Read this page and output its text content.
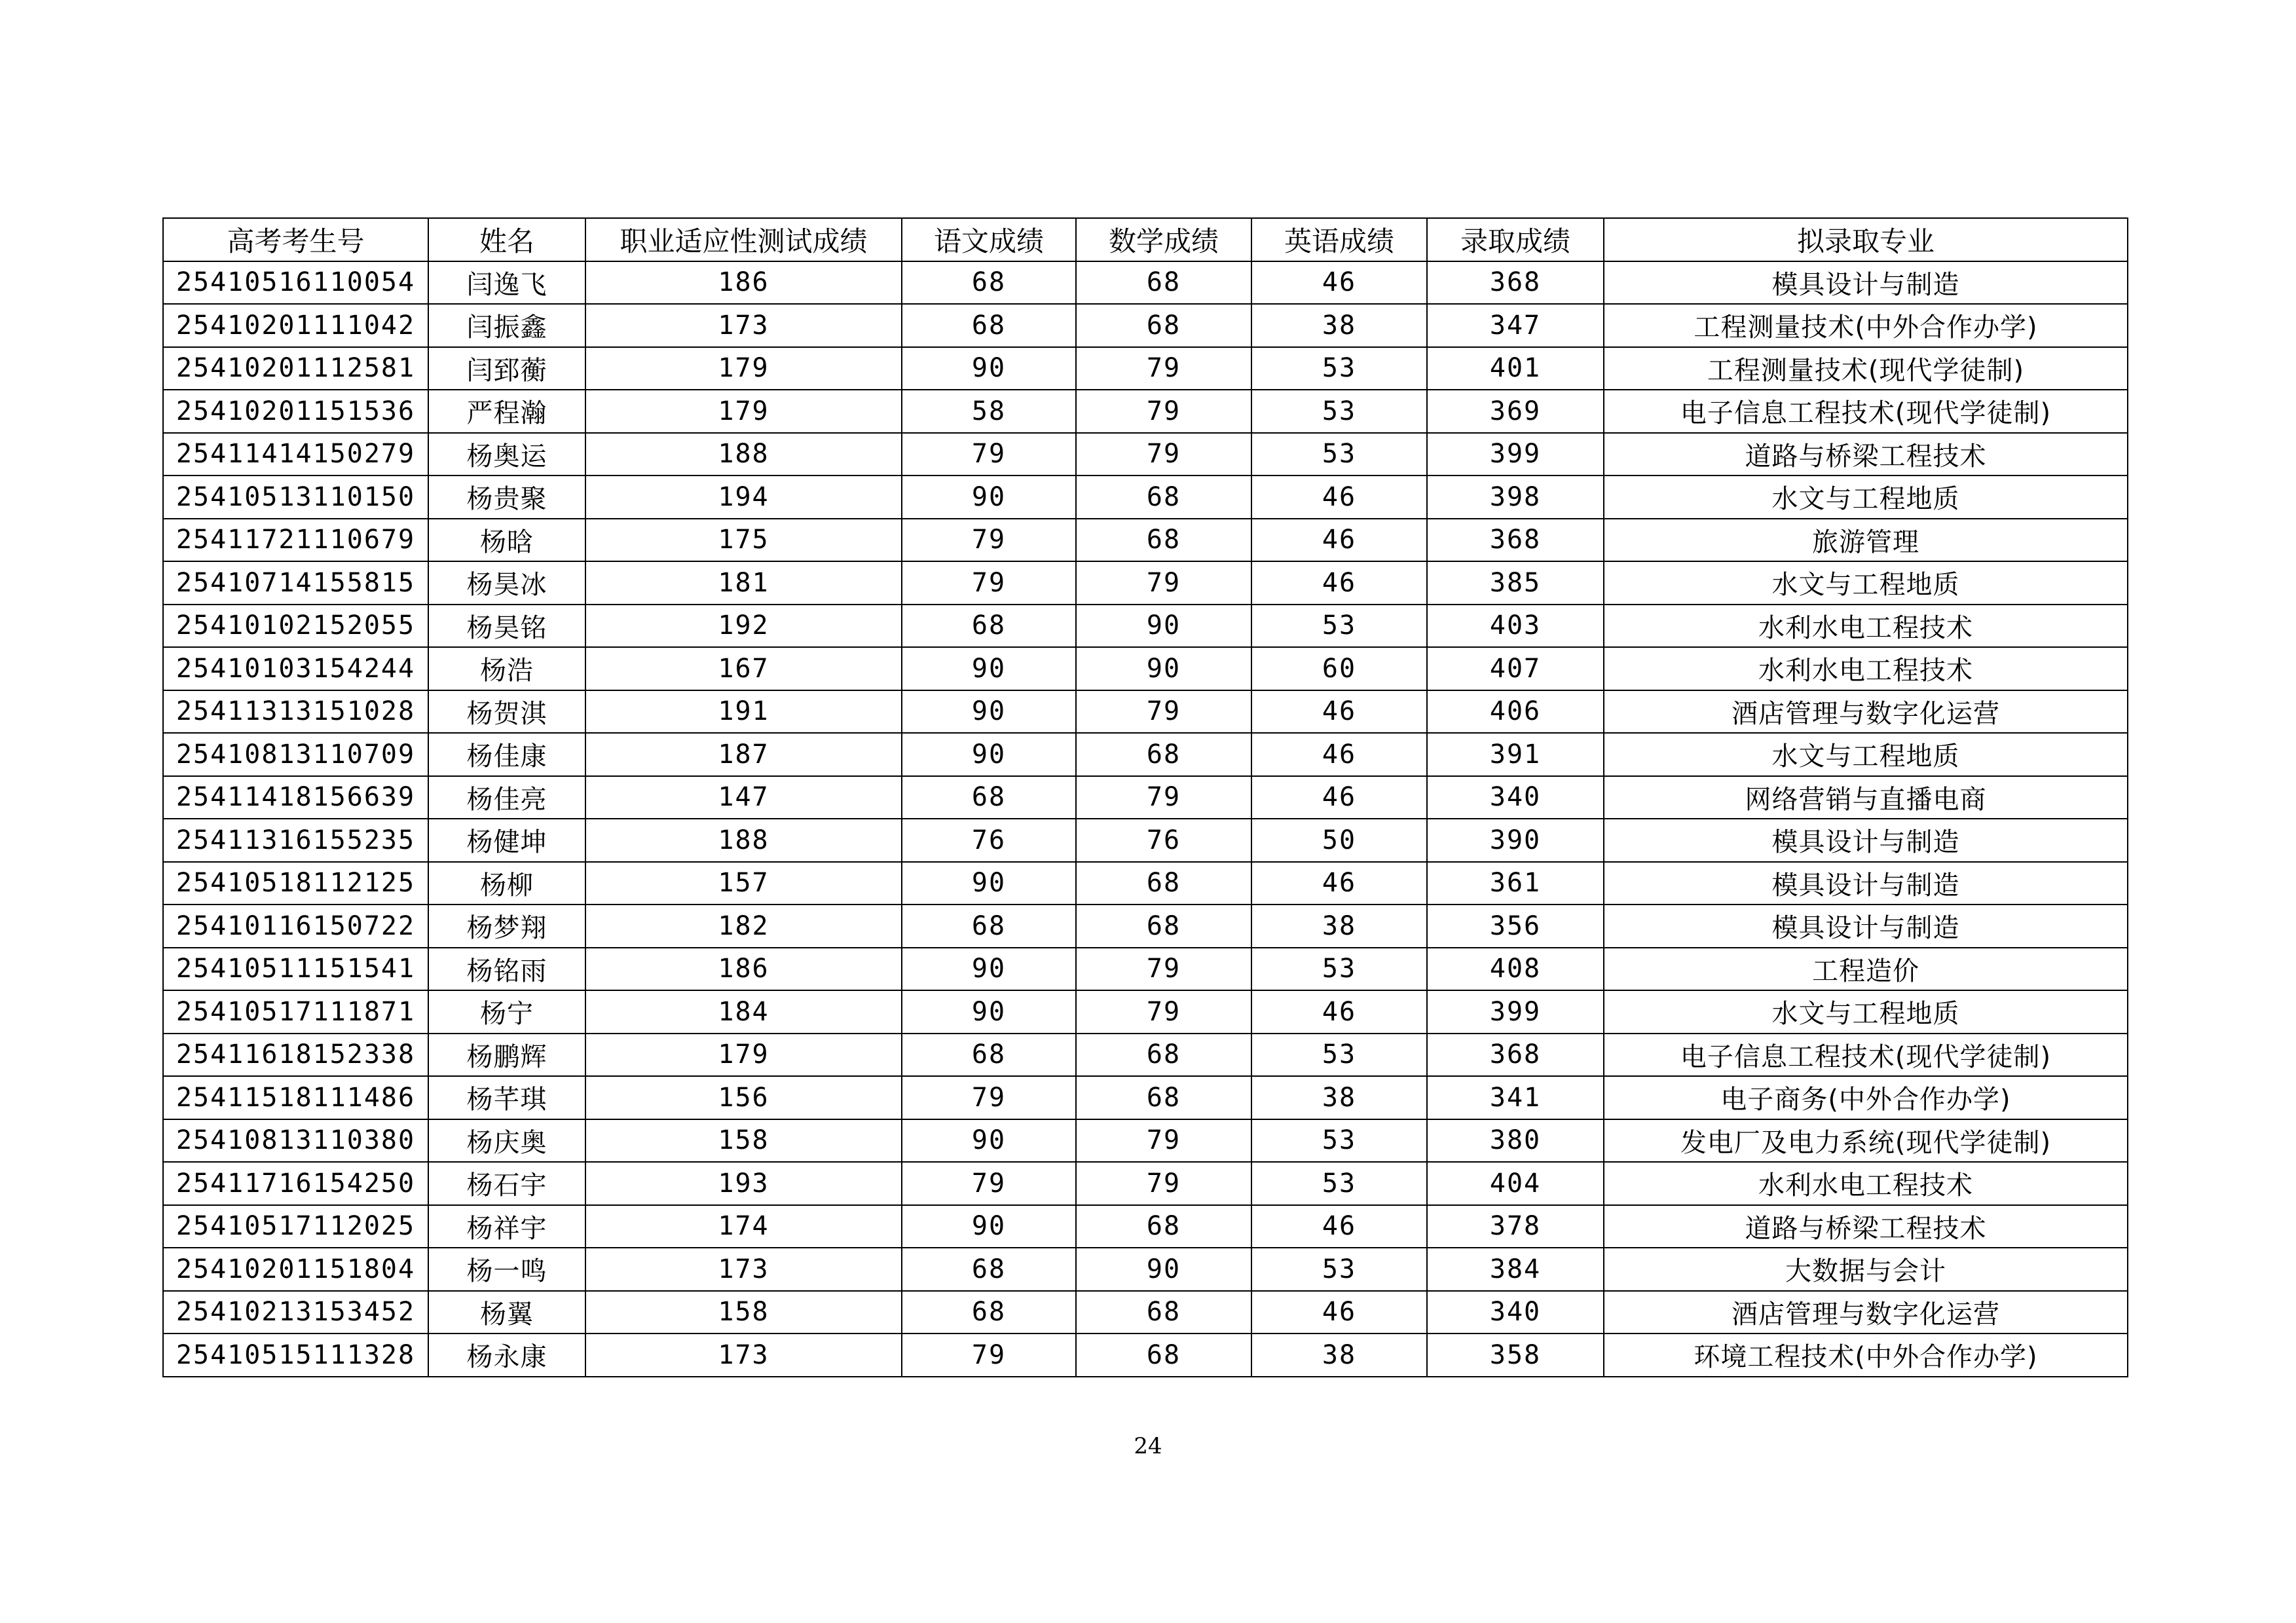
高考考生号	姓名	职业适应性测试成绩	语文成绩	数学成绩	英语成绩	录取成绩	拟录取专业
25410516110054	闫逸飞	186	68	68	46	368	模具设计与制造
25410201111042	闫振鑫	173	68	68	38	347	工程测量技术(中外合作办学)
25410201112581	闫郅蘅	179	90	79	53	401	工程测量技术(现代学徒制)
25410201151536	严程瀚	179	58	79	53	369	电子信息工程技术(现代学徒制)
25411414150279	杨奥运	188	79	79	53	399	道路与桥梁工程技术
25410513110150	杨贵聚	194	90	68	46	398	水文与工程地质
25411721110679	杨晗	175	79	68	46	368	旅游管理
25410714155815	杨昊冰	181	79	79	46	385	水文与工程地质
25410102152055	杨昊铭	192	68	90	53	403	水利水电工程技术
25410103154244	杨浩	167	90	90	60	407	水利水电工程技术
25411313151028	杨贺淇	191	90	79	46	406	酒店管理与数字化运营
25410813110709	杨佳康	187	90	68	46	391	水文与工程地质
25411418156639	杨佳亮	147	68	79	46	340	网络营销与直播电商
25411316155235	杨健坤	188	76	76	50	390	模具设计与制造
25410518112125	杨柳	157	90	68	46	361	模具设计与制造
25410116150722	杨梦翔	182	68	68	38	356	模具设计与制造
25410511151541	杨铭雨	186	90	79	53	408	工程造价
25410517111871	杨宁	184	90	79	46	399	水文与工程地质
25411618152338	杨鹏辉	179	68	68	53	368	电子信息工程技术(现代学徒制)
25411518111486	杨芊琪	156	79	68	38	341	电子商务(中外合作办学)
25410813110380	杨庆奥	158	90	79	53	380	发电厂及电力系统(现代学徒制)
25411716154250	杨石宇	193	79	79	53	404	水利水电工程技术
25410517112025	杨祥宇	174	90	68	46	378	道路与桥梁工程技术
25410201151804	杨一鸣	173	68	90	53	384	大数据与会计
25410213153452	杨翼	158	68	68	46	340	酒店管理与数字化运营
25410515111328	杨永康	173	79	68	38	358	环境工程技术(中外合作办学)
24
